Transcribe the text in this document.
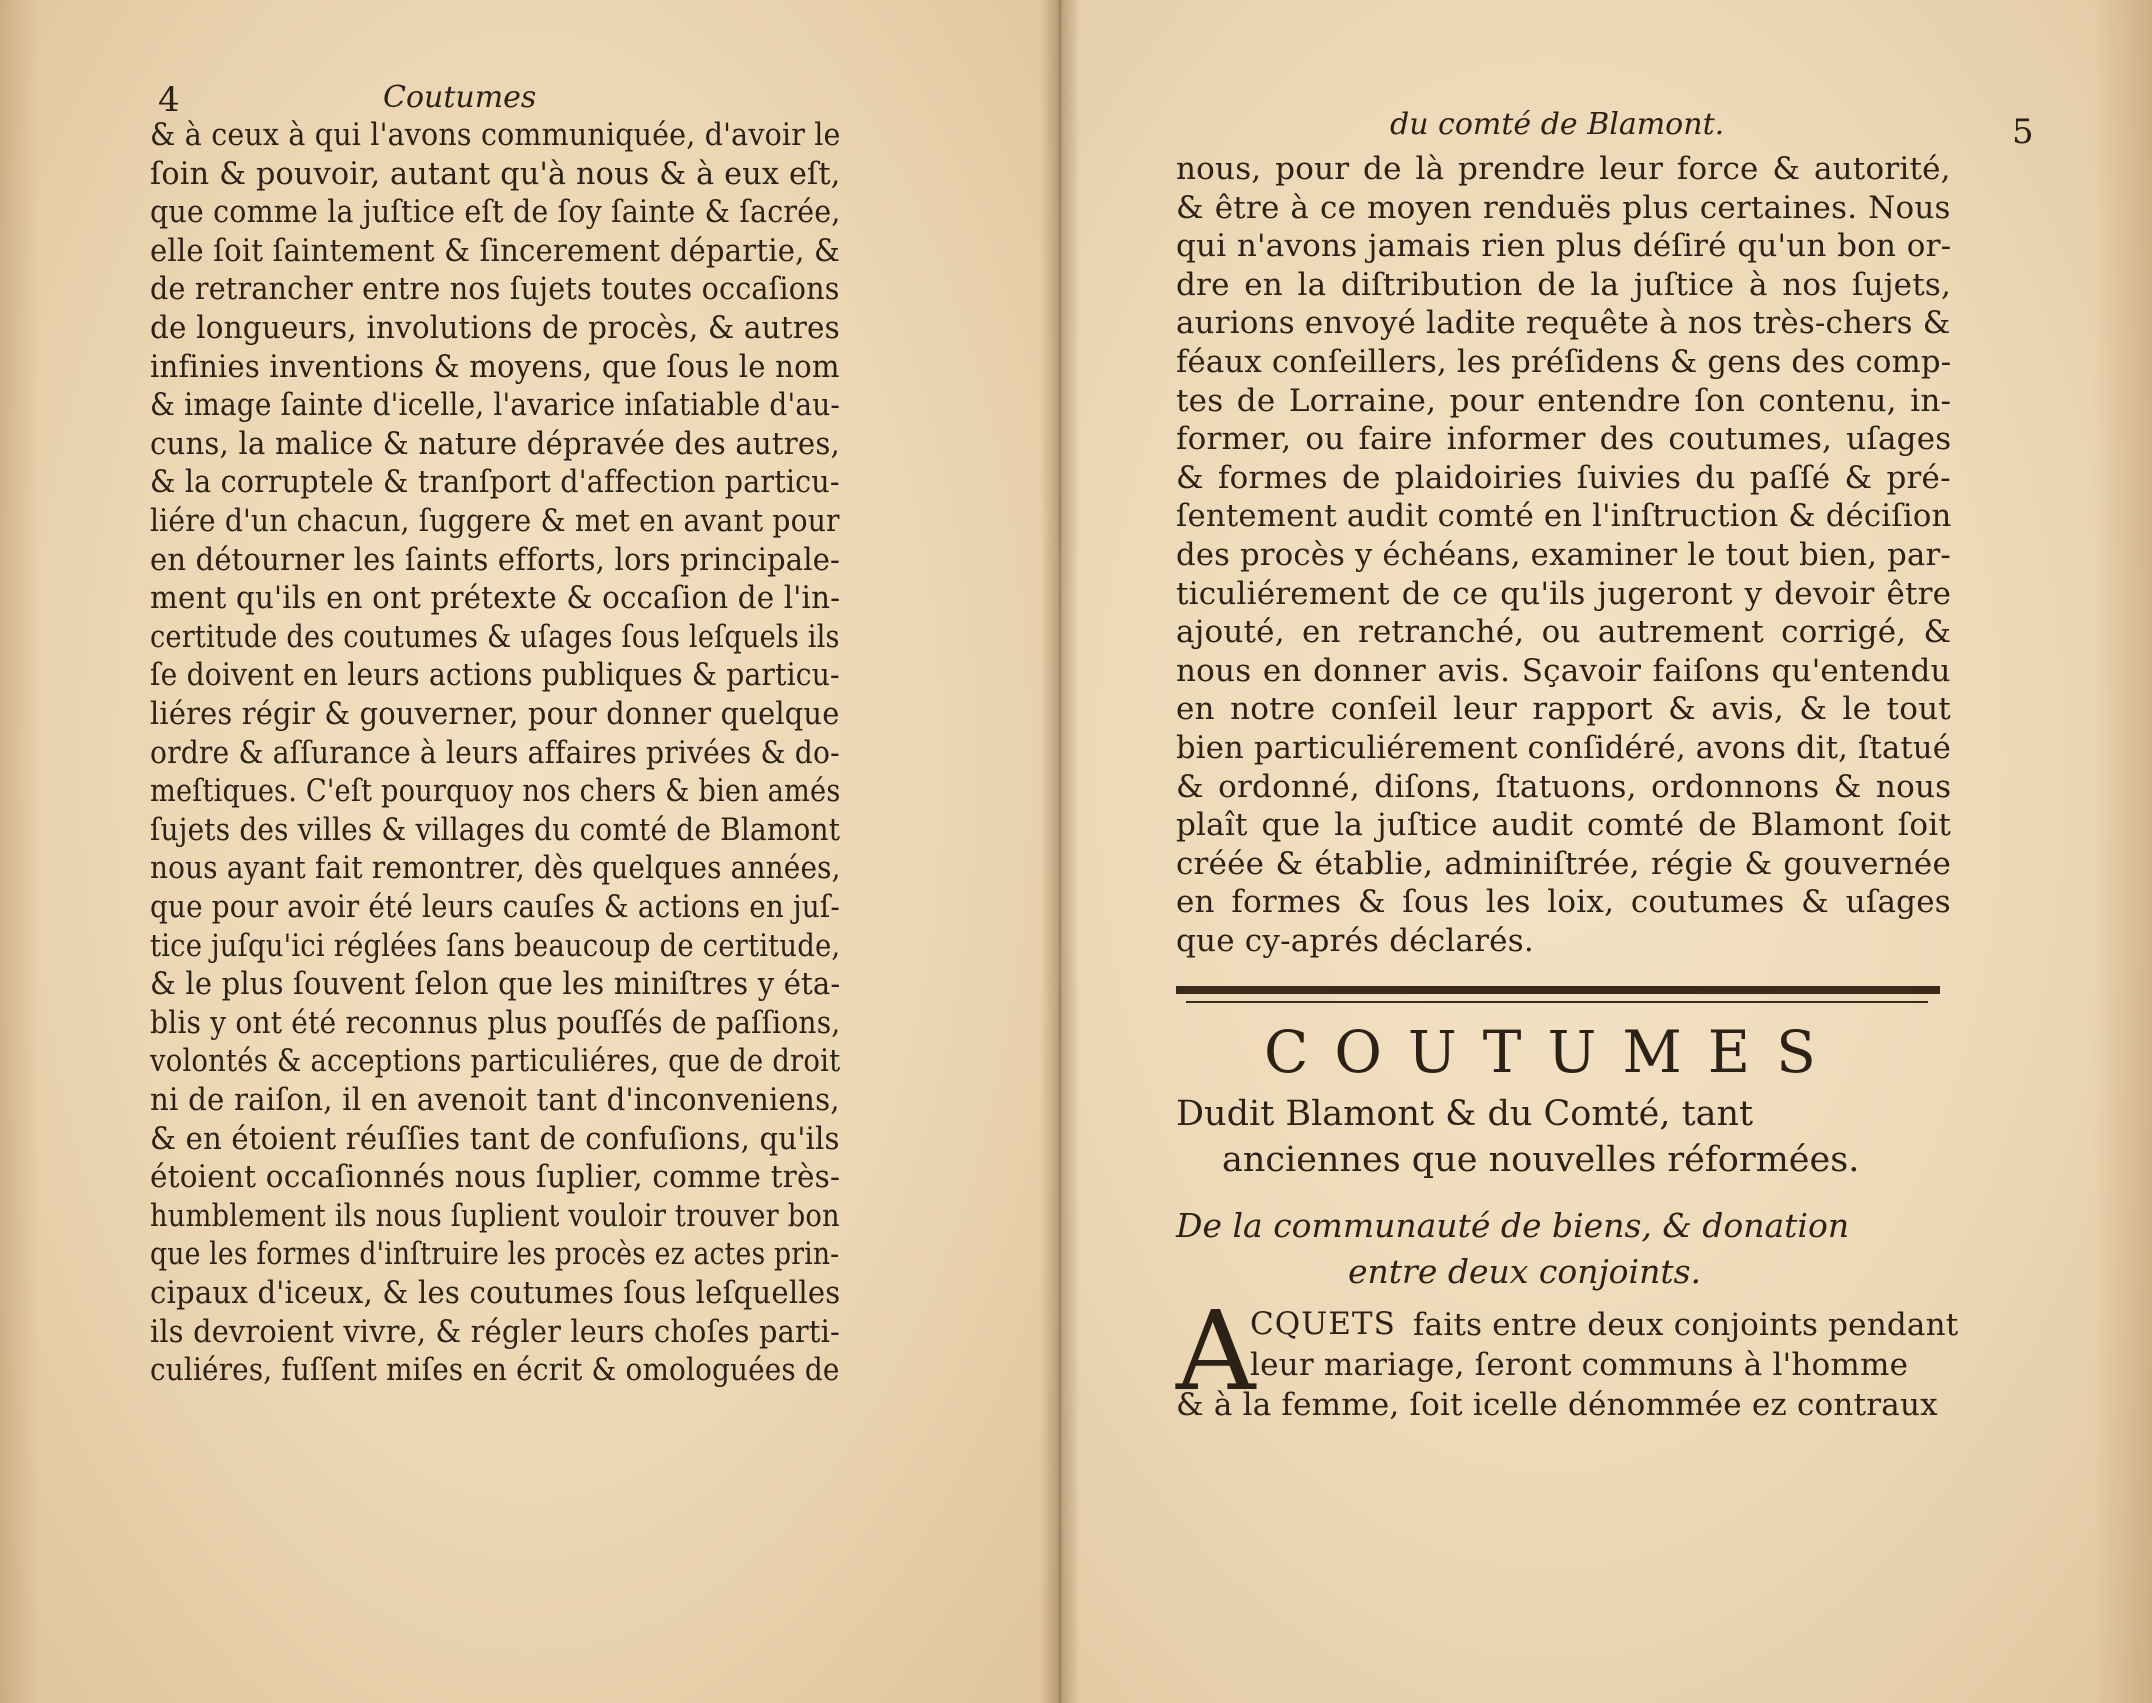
4	Coutumes
& à ceux à qui l'avons communiquée, d'avoir le
ſoin & pouvoir, autant qu'à nous & à eux eſt,
que comme la juſtice eſt de ſoy ſainte & ſacrée,
elle ſoit ſaintement & ſincerement départie, &
de retrancher entre nos ſujets toutes occaſions
de longueurs, involutions de procès, & autres
infinies inventions & moyens, que ſous le nom
& image ſainte d'icelle, l'avarice inſatiable d'au-
cuns, la malice & nature dépravée des autres,
& la corruptele & tranſport d'affection particu-
liére d'un chacun, ſuggere & met en avant pour
en détourner les ſaints efforts, lors principale-
ment qu'ils en ont prétexte & occaſion de l'in-
certitude des coutumes & uſages ſous leſquels ils
ſe doivent en leurs actions publiques & particu-
liéres régir & gouverner, pour donner quelque
ordre & aſſurance à leurs affaires privées & do-
meſtiques. C'eſt pourquoy nos chers & bien amés
ſujets des villes & villages du comté de Blamont
nous ayant fait remontrer, dès quelques années,
que pour avoir été leurs cauſes & actions en juſ-
tice juſqu'ici réglées ſans beaucoup de certitude,
& le plus ſouvent ſelon que les miniſtres y éta-
blis y ont été reconnus plus pouſſés de paſſions,
volontés & acceptions particuliéres, que de droit
ni de raiſon, il en avenoit tant d'inconveniens,
& en étoient réuſſies tant de confuſions, qu'ils
étoient occaſionnés nous ſuplier, comme très-
humblement ils nous ſuplient vouloir trouver bon
que les formes d'inſtruire les procès ez actes prin-
cipaux d'iceux, & les coutumes ſous leſquelles
ils devroient vivre, & régler leurs choſes parti-
culiéres, fuſſent miſes en écrit & omologuées de
du comté de Blamont.	5
nous, pour de là prendre leur force & autorité,
& être à ce moyen renduës plus certaines. Nous
qui n'avons jamais rien plus déſiré qu'un bon or-
dre en la diſtribution de la juſtice à nos ſujets,
aurions envoyé ladite requête à nos très-chers &
féaux conſeillers, les préſidens & gens des comp-
tes de Lorraine, pour entendre ſon contenu, in-
former, ou faire informer des coutumes, uſages
& formes de plaidoiries ſuivies du paſſé & pré-
ſentement audit comté en l'inſtruction & déciſion
des procès y échéans, examiner le tout bien, par-
ticuliérement de ce qu'ils jugeront y devoir être
ajouté, en retranché, ou autrement corrigé, &
nous en donner avis. Sçavoir faiſons qu'entendu
en notre conſeil leur rapport & avis, & le tout
bien particuliérement conſidéré, avons dit, ſtatué
& ordonné, diſons, ſtatuons, ordonnons & nous
plaît que la juſtice audit comté de Blamont ſoit
créée & établie, adminiſtrée, régie & gouvernée
en formes & ſous les loix, coutumes & uſages
que cy-aprés déclarés.
COUTUMES
Dudit Blamont & du Comté, tant
anciennes que nouvelles réformées.
De la communauté de biens, & donation
entre deux conjoints.
A
CQUETS faits entre deux conjoints pendant
leur mariage, ſeront communs à l'homme
& à la femme, ſoit icelle dénommée ez contraux
